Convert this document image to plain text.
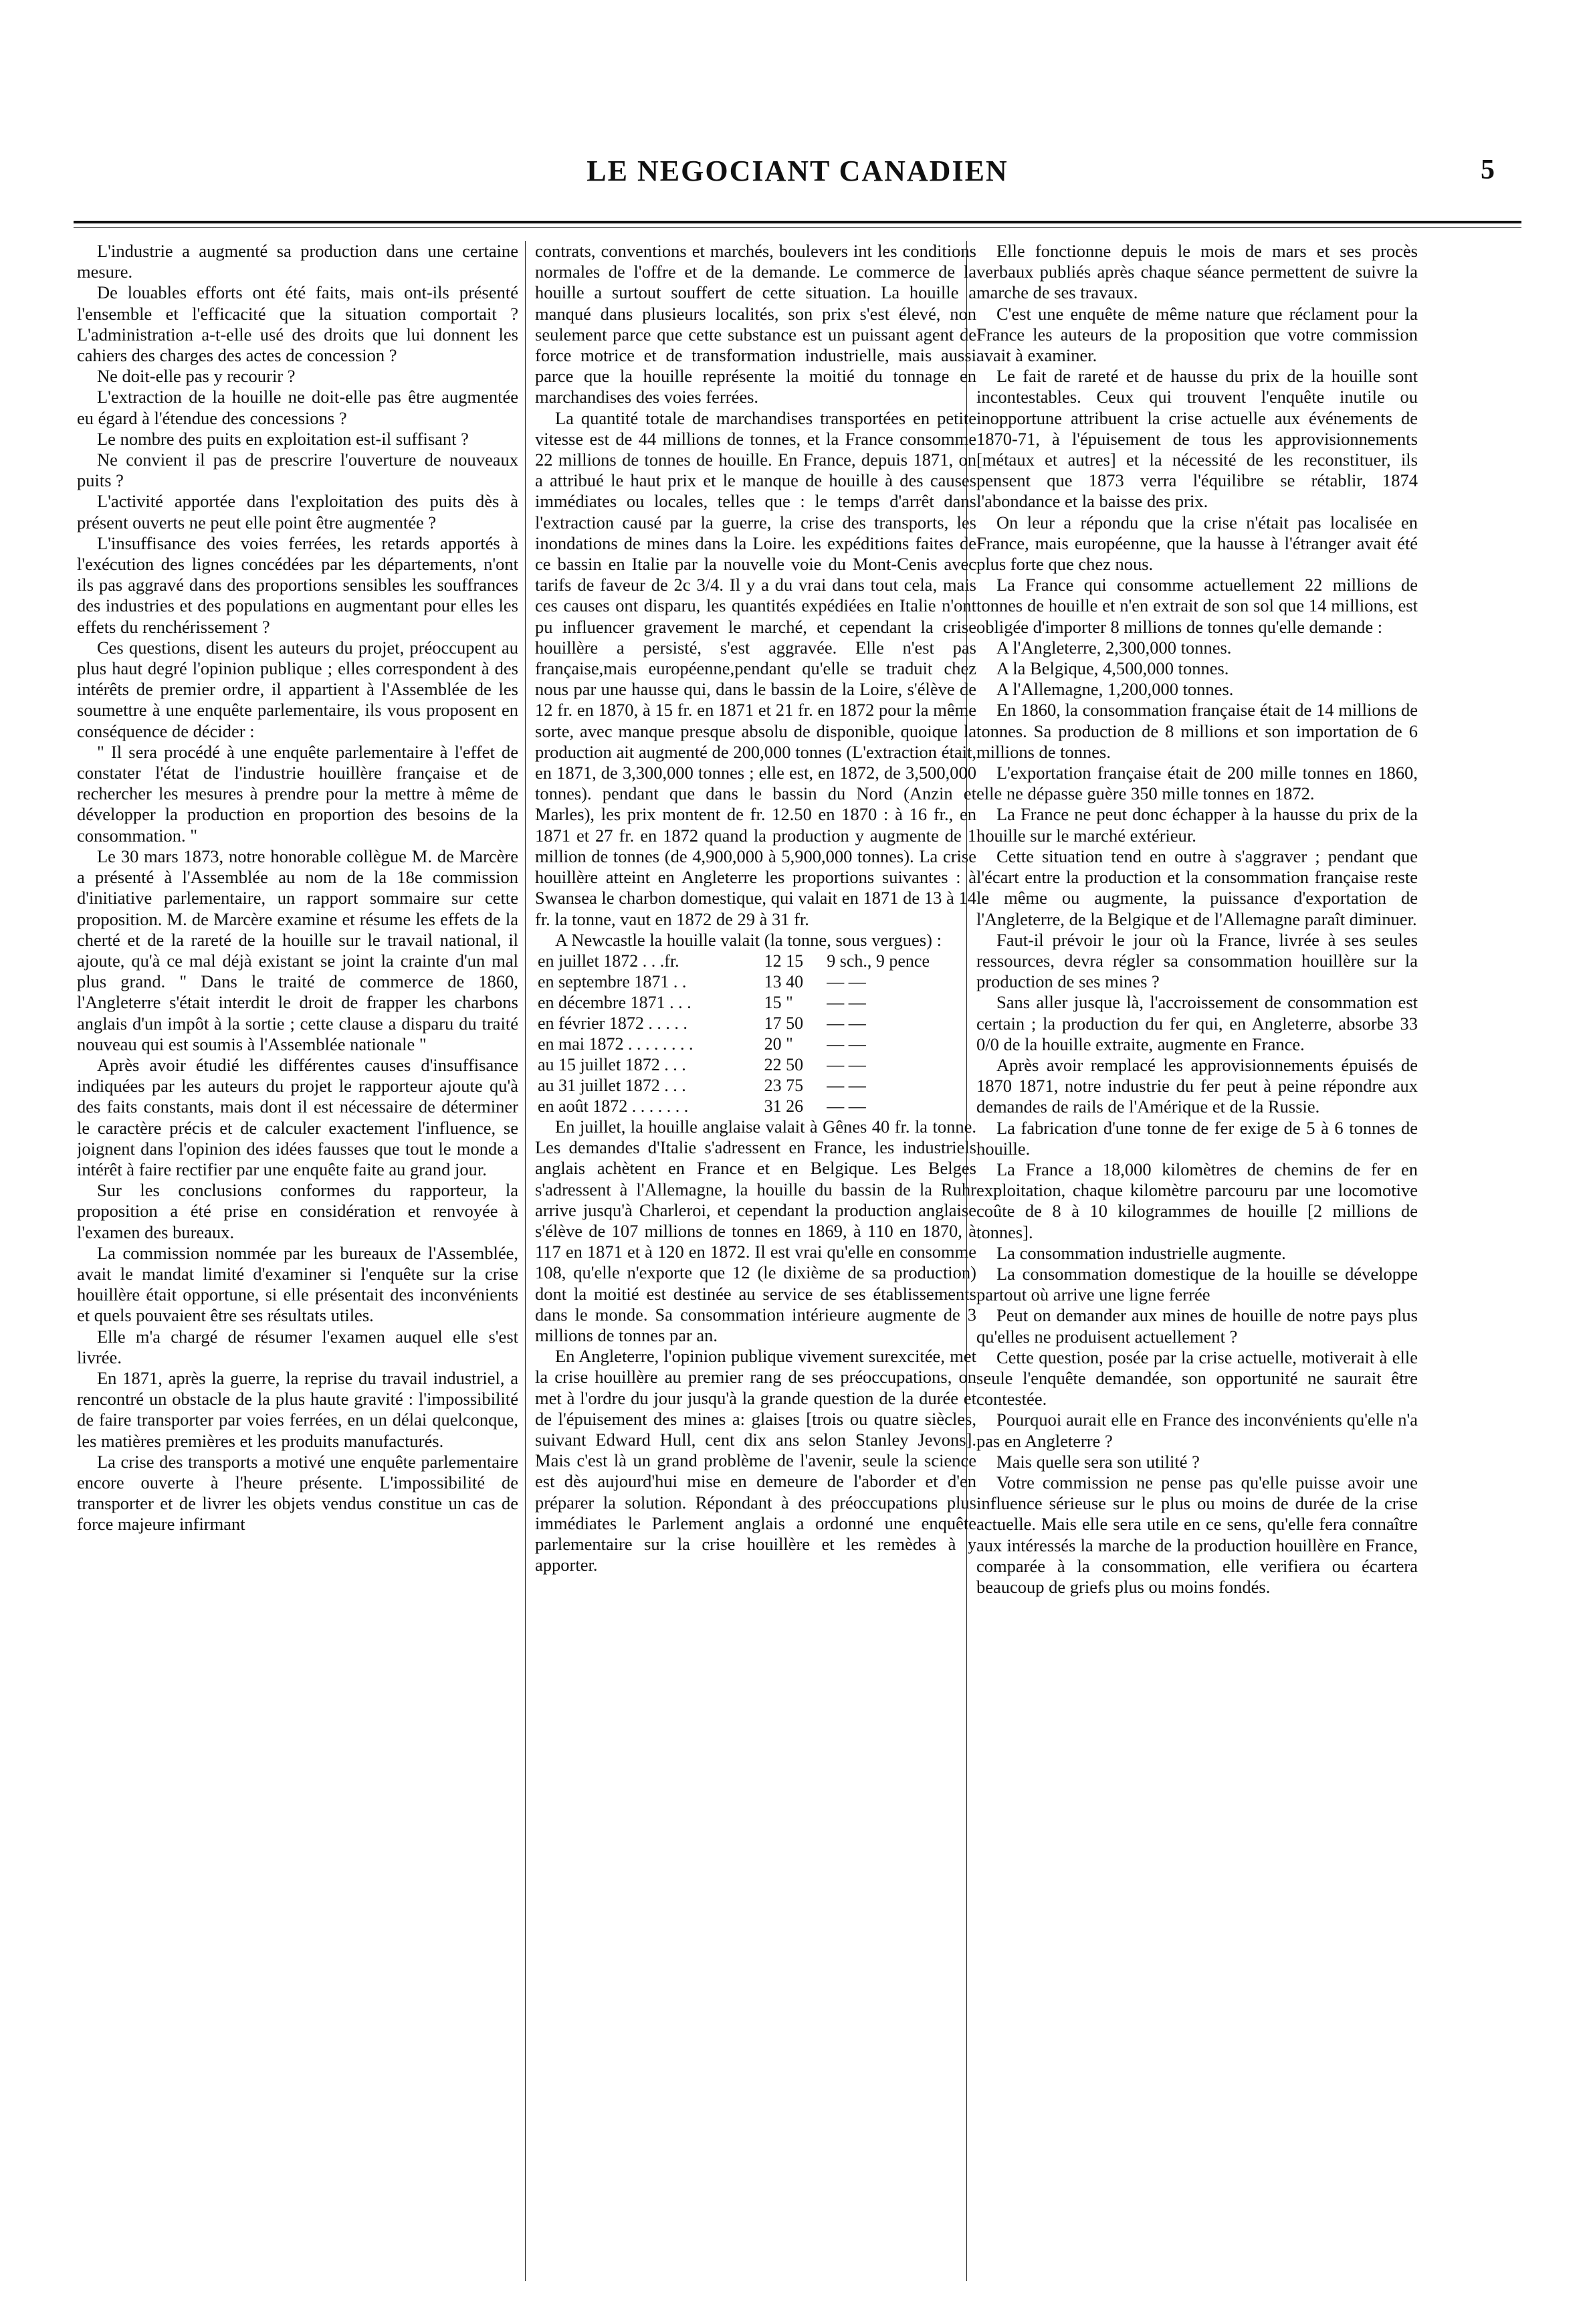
LE NEGOCIANT CANADIEN	5

L'industrie a augmenté sa production dans une certaine mesure.

De louables efforts ont été faits, mais ont-ils présenté l'ensemble et l'efficacité que la situation comportait ? L'administration a-t-elle usé des droits que lui donnent les cahiers des charges des actes de concession ?

Ne doit-elle pas y recourir ?

L'extraction de la houille ne doit-elle pas être augmentée eu égard à l'étendue des concessions ?

Le nombre des puits en exploitation est-il suffisant ?

Ne convient il pas de prescrire l'ouverture de nouveaux puits ?

L'activité apportée dans l'exploitation des puits dès à présent ouverts ne peut elle point être augmentée ?

L'insuffisance des voies ferrées, les retards apportés à l'exécution des lignes concédées par les départements, n'ont ils pas aggravé dans des proportions sensibles les souffrances des industries et des populations en augmentant pour elles les effets du renchérissement ?

Ces questions, disent les auteurs du projet, préoccupent au plus haut degré l'opinion publique ; elles correspondent à des intérêts de premier ordre, il appartient à l'Assemblée de les soumettre à une enquête parlementaire, ils vous proposent en conséquence de décider :

" Il sera procédé à une enquête parlementaire à l'effet de constater l'état de l'industrie houillère française et de rechercher les mesures à prendre pour la mettre à même de développer la production en proportion des besoins de la consommation. "

Le 30 mars 1873, notre honorable collègue M. de Marcère a présenté à l'Assemblée au nom de la 18e commission d'initiative parlementaire, un rapport sommaire sur cette proposition. M. de Marcère examine et résume les effets de la cherté et de la rareté de la houille sur le travail national, il ajoute, qu'à ce mal déjà existant se joint la crainte d'un mal plus grand. " Dans le traité de commerce de 1860, l'Angleterre s'était interdit le droit de frapper les charbons anglais d'un impôt à la sortie ; cette clause a disparu du traité nouveau qui est soumis à l'Assemblée nationale "

Après avoir étudié les différentes causes d'insuffisance indiquées par les auteurs du projet le rapporteur ajoute qu'à des faits constants, mais dont il est nécessaire de déterminer le caractère précis et de calculer exactement l'influence, se joignent dans l'opinion des idées fausses que tout le monde a intérêt à faire rectifier par une enquête faite au grand jour.

Sur les conclusions conformes du rapporteur, la proposition a été prise en considération et renvoyée à l'examen des bureaux.

La commission nommée par les bureaux de l'Assemblée, avait le mandat limité d'examiner si l'enquête sur la crise houillère était opportune, si elle présentait des inconvénients et quels pouvaient être ses résultats utiles.

Elle m'a chargé de résumer l'examen auquel elle s'est livrée.

En 1871, après la guerre, la reprise du travail industriel, a rencontré un obstacle de la plus haute gravité : l'impossibilité de faire transporter par voies ferrées, en un délai quelconque, les matières premières et les produits manufacturés.

La crise des transports a motivé une enquête parlementaire encore ouverte à l'heure présente. L'impossibilité de transporter et de livrer les objets vendus constitue un cas de force majeure infirmant

contrats, conventions et marchés, boulevers int les conditions normales de l'offre et de la demande. Le commerce de la houille a surtout souffert de cette situation. La houille a manqué dans plusieurs localités, son prix s'est élevé, non seulement parce que cette substance est un puissant agent de force motrice et de transformation industrielle, mais aussi parce que la houille représente la moitié du tonnage en marchandises des voies ferrées.

La quantité totale de marchandises transportées en petite vitesse est de 44 millions de tonnes, et la France consomme 22 millions de tonnes de houille. En France, depuis 1871, on a attribué le haut prix et le manque de houille à des causes immédiates ou locales, telles que : le temps d'arrêt dans l'extraction causé par la guerre, la crise des transports, les inondations de mines dans la Loire. les expéditions faites de ce bassin en Italie par la nouvelle voie du Mont-Cenis avec tarifs de faveur de 2c 3/4. Il y a du vrai dans tout cela, mais ces causes ont disparu, les quantités expédiées en Italie n'ont pu influencer gravement le marché, et cependant la crise houillère a persisté, s'est aggravée. Elle n'est pas française,mais européenne,pendant qu'elle se traduit chez nous par une hausse qui, dans le bassin de la Loire, s'élève de 12 fr. en 1870, à 15 fr. en 1871 et 21 fr. en 1872 pour la même sorte, avec manque presque absolu de disponible, quoique la production ait augmenté de 200,000 tonnes (L'extraction était, en 1871, de 3,300,000 tonnes ; elle est, en 1872, de 3,500,000 tonnes). pendant que dans le bassin du Nord (Anzin et Marles), les prix montent de fr. 12.50 en 1870 : à 16 fr., en 1871 et 27 fr. en 1872 quand la production y augmente de 1 million de tonnes (de 4,900,000 à 5,900,000 tonnes). La crise houillère atteint en Angleterre les proportions suivantes : à Swansea le charbon domestique, qui valait en 1871 de 13 à 14 fr. la tonne, vaut en 1872 de 29 à 31 fr.

A Newcastle la houille valait (la tonne, sous vergues) :

en juillet 1872 . . .fr.	12 15	9 sch., 9 pence
en septembre 1871 . .	13 40	— —
en décembre 1871 . . .	15 "	— —
en février 1872 . . . . .	17 50	— —
en mai 1872 . . . . . . . .	20 "	— —
au 15 juillet 1872 . . .	22 50	— —
au 31 juillet 1872 . . .	23 75	— —
en août 1872 . . . . . . .	31 26	— —

En juillet, la houille anglaise valait à Gênes 40 fr. la tonne. Les demandes d'Italie s'adressent en France, les industriels anglais achètent en France et en Belgique. Les Belges s'adressent à l'Allemagne, la houille du bassin de la Ruhr arrive jusqu'à Charleroi, et cependant la production anglaise s'élève de 107 millions de tonnes en 1869, à 110 en 1870, à 117 en 1871 et à 120 en 1872. Il est vrai qu'elle en consomme 108, qu'elle n'exporte que 12 (le dixième de sa production) dont la moitié est destinée au service de ses établissements dans le monde. Sa consommation intérieure augmente de 3 millions de tonnes par an.

En Angleterre, l'opinion publique vivement surexcitée, met la crise houillère au premier rang de ses préoccupations, on met à l'ordre du jour jusqu'à la grande question de la durée et de l'épuisement des mines a: glaises [trois ou quatre siècles, suivant Edward Hull, cent dix ans selon Stanley Jevons]. Mais c'est là un grand problème de l'avenir, seule la science est dès aujourd'hui mise en demeure de l'aborder et d'en préparer la solution. Répondant à des préoccupations plus immédiates le Parlement anglais a ordonné une enquête parlementaire sur la crise houillère et les remèdes à y apporter.

Elle fonctionne depuis le mois de mars et ses procès verbaux publiés après chaque séance permettent de suivre la marche de ses travaux.

C'est une enquête de même nature que réclament pour la France les auteurs de la proposition que votre commission avait à examiner.

Le fait de rareté et de hausse du prix de la houille sont incontestables. Ceux qui trouvent l'enquête inutile ou inopportune attribuent la crise actuelle aux événements de 1870-71, à l'épuisement de tous les approvisionnements [métaux et autres] et la nécessité de les reconstituer, ils pensent que 1873 verra l'équilibre se rétablir, 1874 l'abondance et la baisse des prix.

On leur a répondu que la crise n'était pas localisée en France, mais européenne, que la hausse à l'étranger avait été plus forte que chez nous.

La France qui consomme actuellement 22 millions de tonnes de houille et n'en extrait de son sol que 14 millions, est obligée d'importer 8 millions de tonnes qu'elle demande :

A l'Angleterre, 2,300,000 tonnes.

A la Belgique, 4,500,000 tonnes.

A l'Allemagne, 1,200,000 tonnes.

En 1860, la consommation française était de 14 millions de tonnes. Sa production de 8 millions et son importation de 6 millions de tonnes.

L'exportation française était de 200 mille tonnes en 1860, elle ne dépasse guère 350 mille tonnes en 1872.

La France ne peut donc échapper à la hausse du prix de la houille sur le marché extérieur.

Cette situation tend en outre à s'aggraver ; pendant que l'écart entre la production et la consommation française reste le même ou augmente, la puissance d'exportation de l'Angleterre, de la Belgique et de l'Allemagne paraît diminuer.

Faut-il prévoir le jour où la France, livrée à ses seules ressources, devra régler sa consommation houillère sur la production de ses mines ?

Sans aller jusque là, l'accroissement de consommation est certain ; la production du fer qui, en Angleterre, absorbe 33 0/0 de la houille extraite, augmente en France.

Après avoir remplacé les approvisionnements épuisés de 1870 1871, notre industrie du fer peut à peine répondre aux demandes de rails de l'Amérique et de la Russie.

La fabrication d'une tonne de fer exige de 5 à 6 tonnes de houille.

La France a 18,000 kilomètres de chemins de fer en exploitation, chaque kilomètre parcouru par une locomotive coûte de 8 à 10 kilogrammes de houille [2 millions de tonnes].

La consommation industrielle augmente.

La consommation domestique de la houille se développe partout où arrive une ligne ferrée

Peut on demander aux mines de houille de notre pays plus qu'elles ne produisent actuellement ?

Cette question, posée par la crise actuelle, motiverait à elle seule l'enquête demandée, son opportunité ne saurait être contestée.

Pourquoi aurait elle en France des inconvénients qu'elle n'a pas en Angleterre ?

Mais quelle sera son utilité ?

Votre commission ne pense pas qu'elle puisse avoir une influence sérieuse sur le plus ou moins de durée de la crise actuelle. Mais elle sera utile en ce sens, qu'elle fera connaître aux intéressés la marche de la production houillère en France, comparée à la consommation, elle verifiera ou écartera beaucoup de griefs plus ou moins fondés.
